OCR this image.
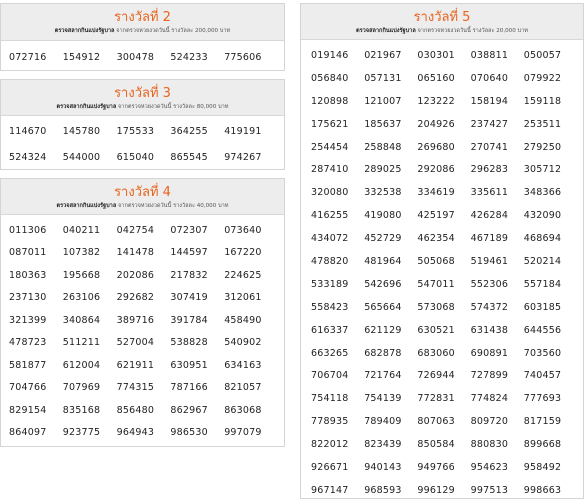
รางวัลที่ 2
ตรวจสลากกินแบ่งรัฐบาล จากตรวจหวยงวดวันนี้ รางวัลละ 200,000 บาท
072716	154912	300478	524233	775606
รางวัลที่ 3
ตรวจสลากกินแบ่งรัฐบาล จากตรวจหวยงวดวันนี้ รางวัลละ 80,000 บาท
114670	145780	175533	364255	419191
524324	544000	615040	865545	974267
รางวัลที่ 4
ตรวจสลากกินแบ่งรัฐบาล จากตรวจหวยงวดวันนี้ รางวัลละ 40,000 บาท
011306	040211	042754	072307	073640
087011	107382	141478	144597	167220
180363	195668	202086	217832	224625
237130	263106	292682	307419	312061
321399	340864	389716	391784	458490
478723	511211	527004	538828	540902
581877	612004	621911	630951	634163
704766	707969	774315	787166	821057
829154	835168	856480	862967	863068
864097	923775	964943	986530	997079
รางวัลที่ 5
ตรวจสลากกินแบ่งรัฐบาล จากตรวจหวยงวดวันนี้ รางวัลละ 20,000 บาท
019146	021967	030301	038811	050057
056840	057131	065160	070640	079922
120898	121007	123222	158194	159118
175621	185637	204926	237427	253511
254454	258848	269680	270741	279250
287410	289025	292086	296283	305712
320080	332538	334619	335611	348366
416255	419080	425197	426284	432090
434072	452729	462354	467189	468694
478820	481964	505068	519461	520214
533189	542696	547011	552306	557184
558423	565664	573068	574372	603185
616337	621129	630521	631438	644556
663265	682878	683060	690891	703560
706704	721764	726944	727899	740457
754118	754139	772831	774824	777693
778935	789409	807063	809720	817159
822012	823439	850584	880830	899668
926671	940143	949766	954623	958492
967147	968593	996129	997513	998663
